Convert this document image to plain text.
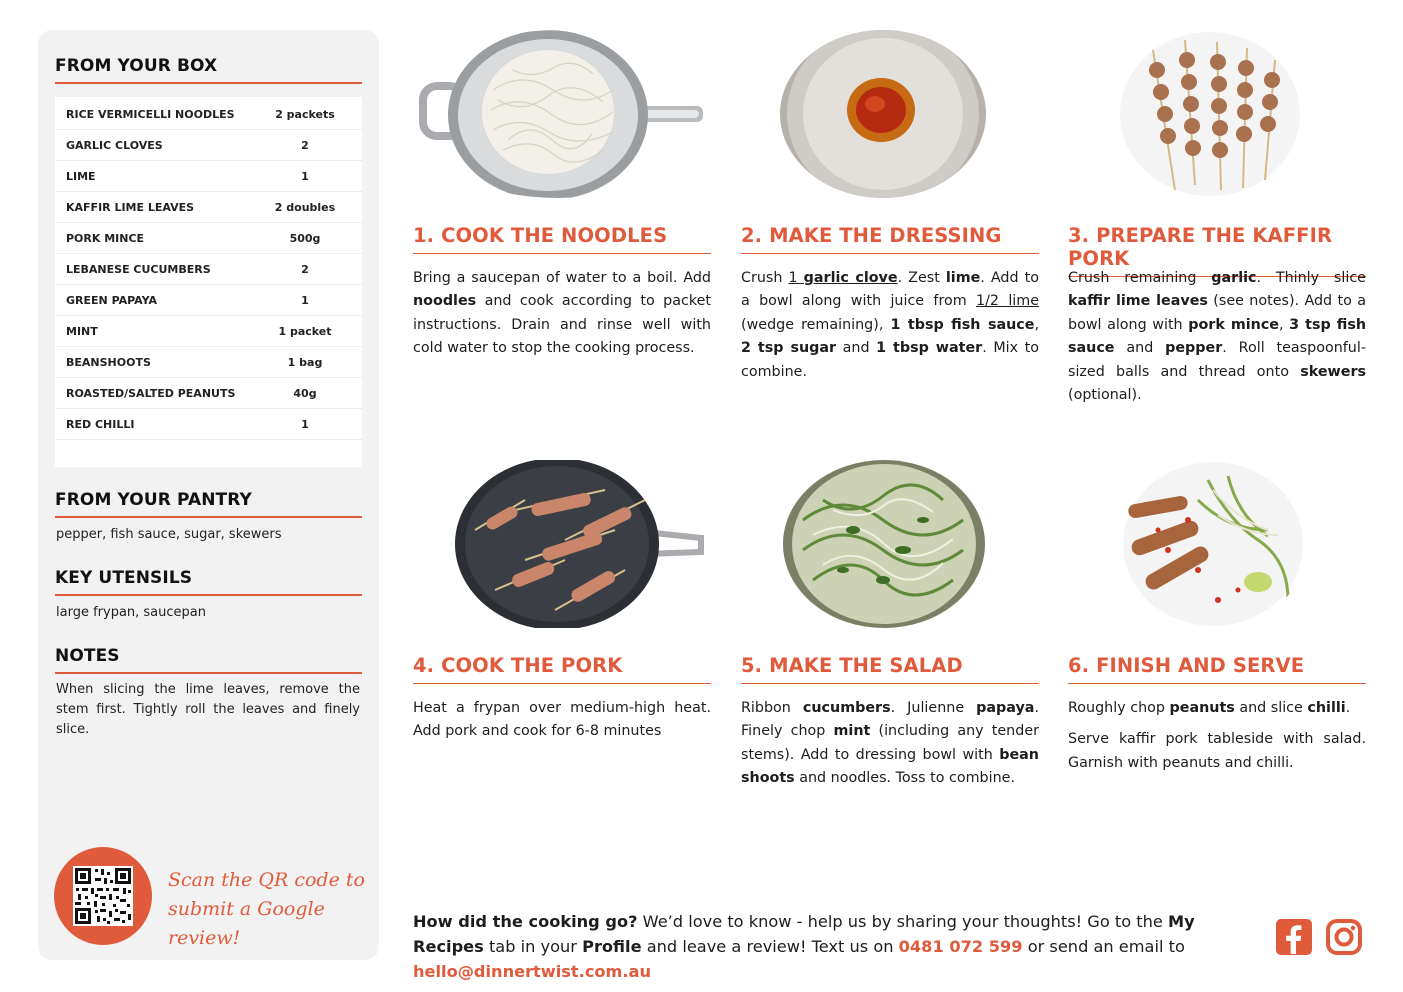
FROM YOUR BOX
RICE VERMICELLI NOODLES	2 packets
GARLIC CLOVES	2
LIME	1
KAFFIR LIME LEAVES	2 doubles
PORK MINCE	500g
LEBANESE CUCUMBERS	2
GREEN PAPAYA	1
MINT	1 packet
BEANSHOOTS	1 bag
ROASTED/SALTED PEANUTS	40g
RED CHILLI	1
FROM YOUR PANTRY
pepper, fish sauce, sugar, skewers
KEY UTENSILS
large frypan, saucepan
NOTES
When slicing the lime leaves, remove the stem first. Tightly roll the leaves and finely slice.
Scan the QR code to
submit a Google review!
1. COOK THE NOODLES
Bring a saucepan of water to a boil. Add noodles and cook according to packet instructions. Drain and rinse well with cold water to stop the cooking process.
2. MAKE THE DRESSING
Crush 1 garlic clove. Zest lime. Add to a bowl along with juice from 1/2 lime (wedge remaining), 1 tbsp fish sauce, 2 tsp sugar and 1 tbsp water. Mix to combine.
3. PREPARE THE KAFFIR PORK
Crush remaining garlic. Thinly slice kaffir lime leaves (see notes). Add to a bowl along with pork mince, 3 tsp fish sauce and pepper. Roll teaspoonful-sized balls and thread onto skewers (optional).
4. COOK THE PORK
Heat a frypan over medium-high heat. Add pork and cook for 6-8 minutes
5. MAKE THE SALAD
Ribbon cucumbers. Julienne papaya. Finely chop mint (including any tender stems). Add to dressing bowl with bean shoots and noodles. Toss to combine.
6. FINISH AND SERVE
Roughly chop peanuts and slice chilli.
Serve kaffir pork tableside with salad. Garnish with peanuts and chilli.
How did the cooking go? We’d love to know - help us by sharing your thoughts! Go to the My Recipes tab in your Profile and leave a review! Text us on 0481 072 599 or send an email to hello@dinnertwist.com.au
